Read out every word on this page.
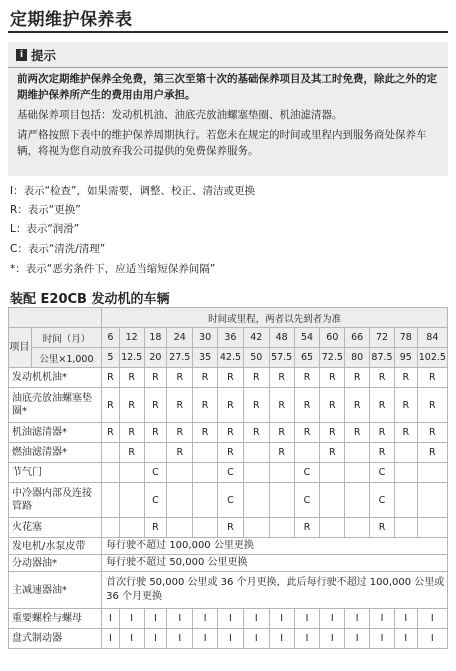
定期维护保养表
i 提示
前两次定期维护保养全免费，第三次至第十次的基础保养项目及其工时免费，除此之外的定期维护保养所产生的费用由用户承担。
基础保养项目包括：发动机机油、油底壳放油螺塞垫圈、机油滤清器。
请严格按照下表中的维护保养周期执行。若您未在规定的时间或里程内到服务商处保养车辆，将视为您自动放弃我公司提供的免费保养服务。
I：表示“检查”，如果需要，调整、校正、清洁或更换
R：表示“更换”
L：表示“润滑”
C：表示“清洗/清理”
*：表示“恶劣条件下，应适当缩短保养间隔”
装配 E20CB 发动机的车辆
		时间或里程，两者以先到者为准													
项目	时间（月）	6	12	18	24	30	36	42	48	54	60	66	72	78	84
	公里×1,000	5	12.5	20	27.5	35	42.5	50	57.5	65	72.5	80	87.5	95	102.5
发动机机油*		R	R	R	R	R	R	R	R	R	R	R	R	R	R
油底壳放油螺塞垫圈*		R	R	R	R	R	R	R	R	R	R	R	R	R	R
机油滤清器*		R	R	R	R	R	R	R	R	R	R	R	R	R	R
燃油滤清器*			R		R		R		R		R		R		R
节气门				C			C			C			C		
中冷器内部及连接管路				C			C			C			C		
火花塞				R			R			R			R		
发电机/水泵皮带		每行驶不超过 100,000 公里更换													
分动器油*		每行驶不超过 50,000 公里更换													
主减速器油*		首次行驶 50,000 公里或 36 个月更换，此后每行驶不超过 100,000 公里或 36 个月更换													
重要螺栓与螺母		I	I	I	I	I	I	I	I	I	I	I	I	I	I
盘式制动器		I	I	I	I	I	I	I	I	I	I	I	I	I	I
